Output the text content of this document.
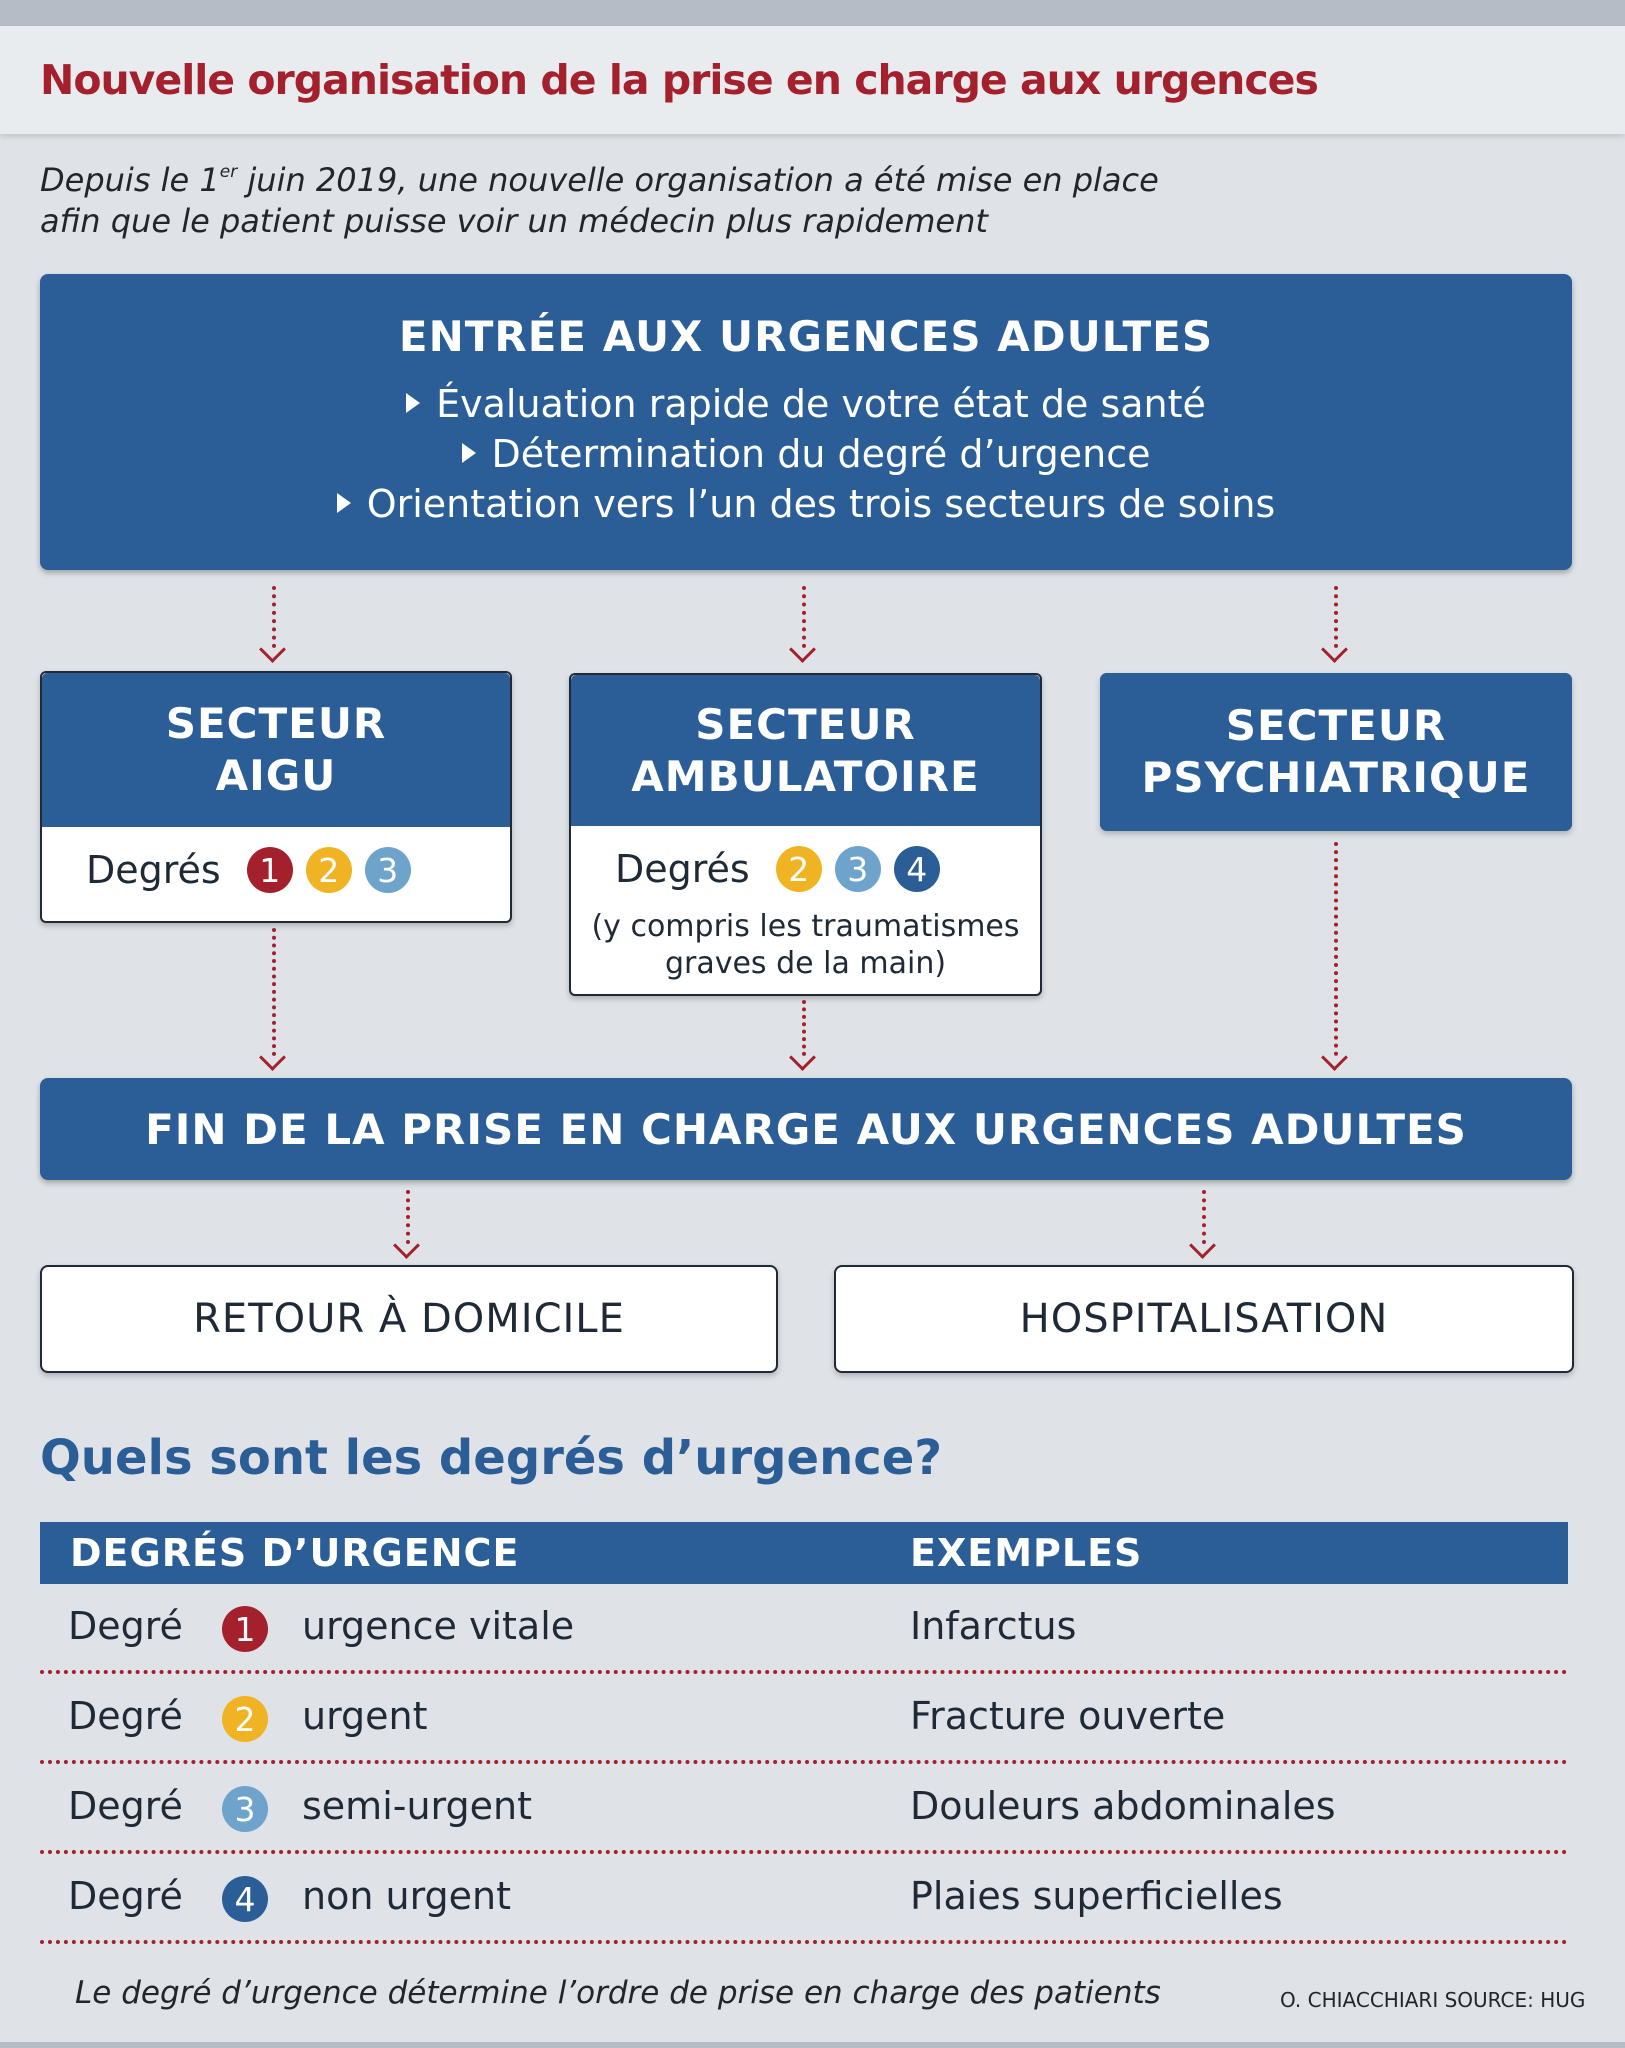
Nouvelle organisation de la prise en charge aux urgences
Depuis le 1er juin 2019, une nouvelle organisation a été mise en place
afin que le patient puisse voir un médecin plus rapidement
ENTRÉE AUX URGENCES ADULTES
Évaluation rapide de votre état de santé
Détermination du degré d’urgence
Orientation vers l’un des trois secteurs de soins
SECTEUR
AIGU
Degrés	1	2	3
SECTEUR
AMBULATOIRE
Degrés	2	3	4
(y compris les traumatismes
graves de la main)
SECTEUR
PSYCHIATRIQUE
FIN DE LA PRISE EN CHARGE AUX URGENCES ADULTES
RETOUR À DOMICILE	HOSPITALISATION
Quels sont les degrés d’urgence?
DEGRÉS D’URGENCE	EXEMPLES
Degré	1	urgence vitale	Infarctus
Degré	2	urgent	Fracture ouverte
Degré	3	semi-urgent	Douleurs abdominales
Degré	4	non urgent	Plaies superficielles
Le degré d’urgence détermine l’ordre de prise en charge des patients	O. CHIACCHIARI SOURCE: HUG
